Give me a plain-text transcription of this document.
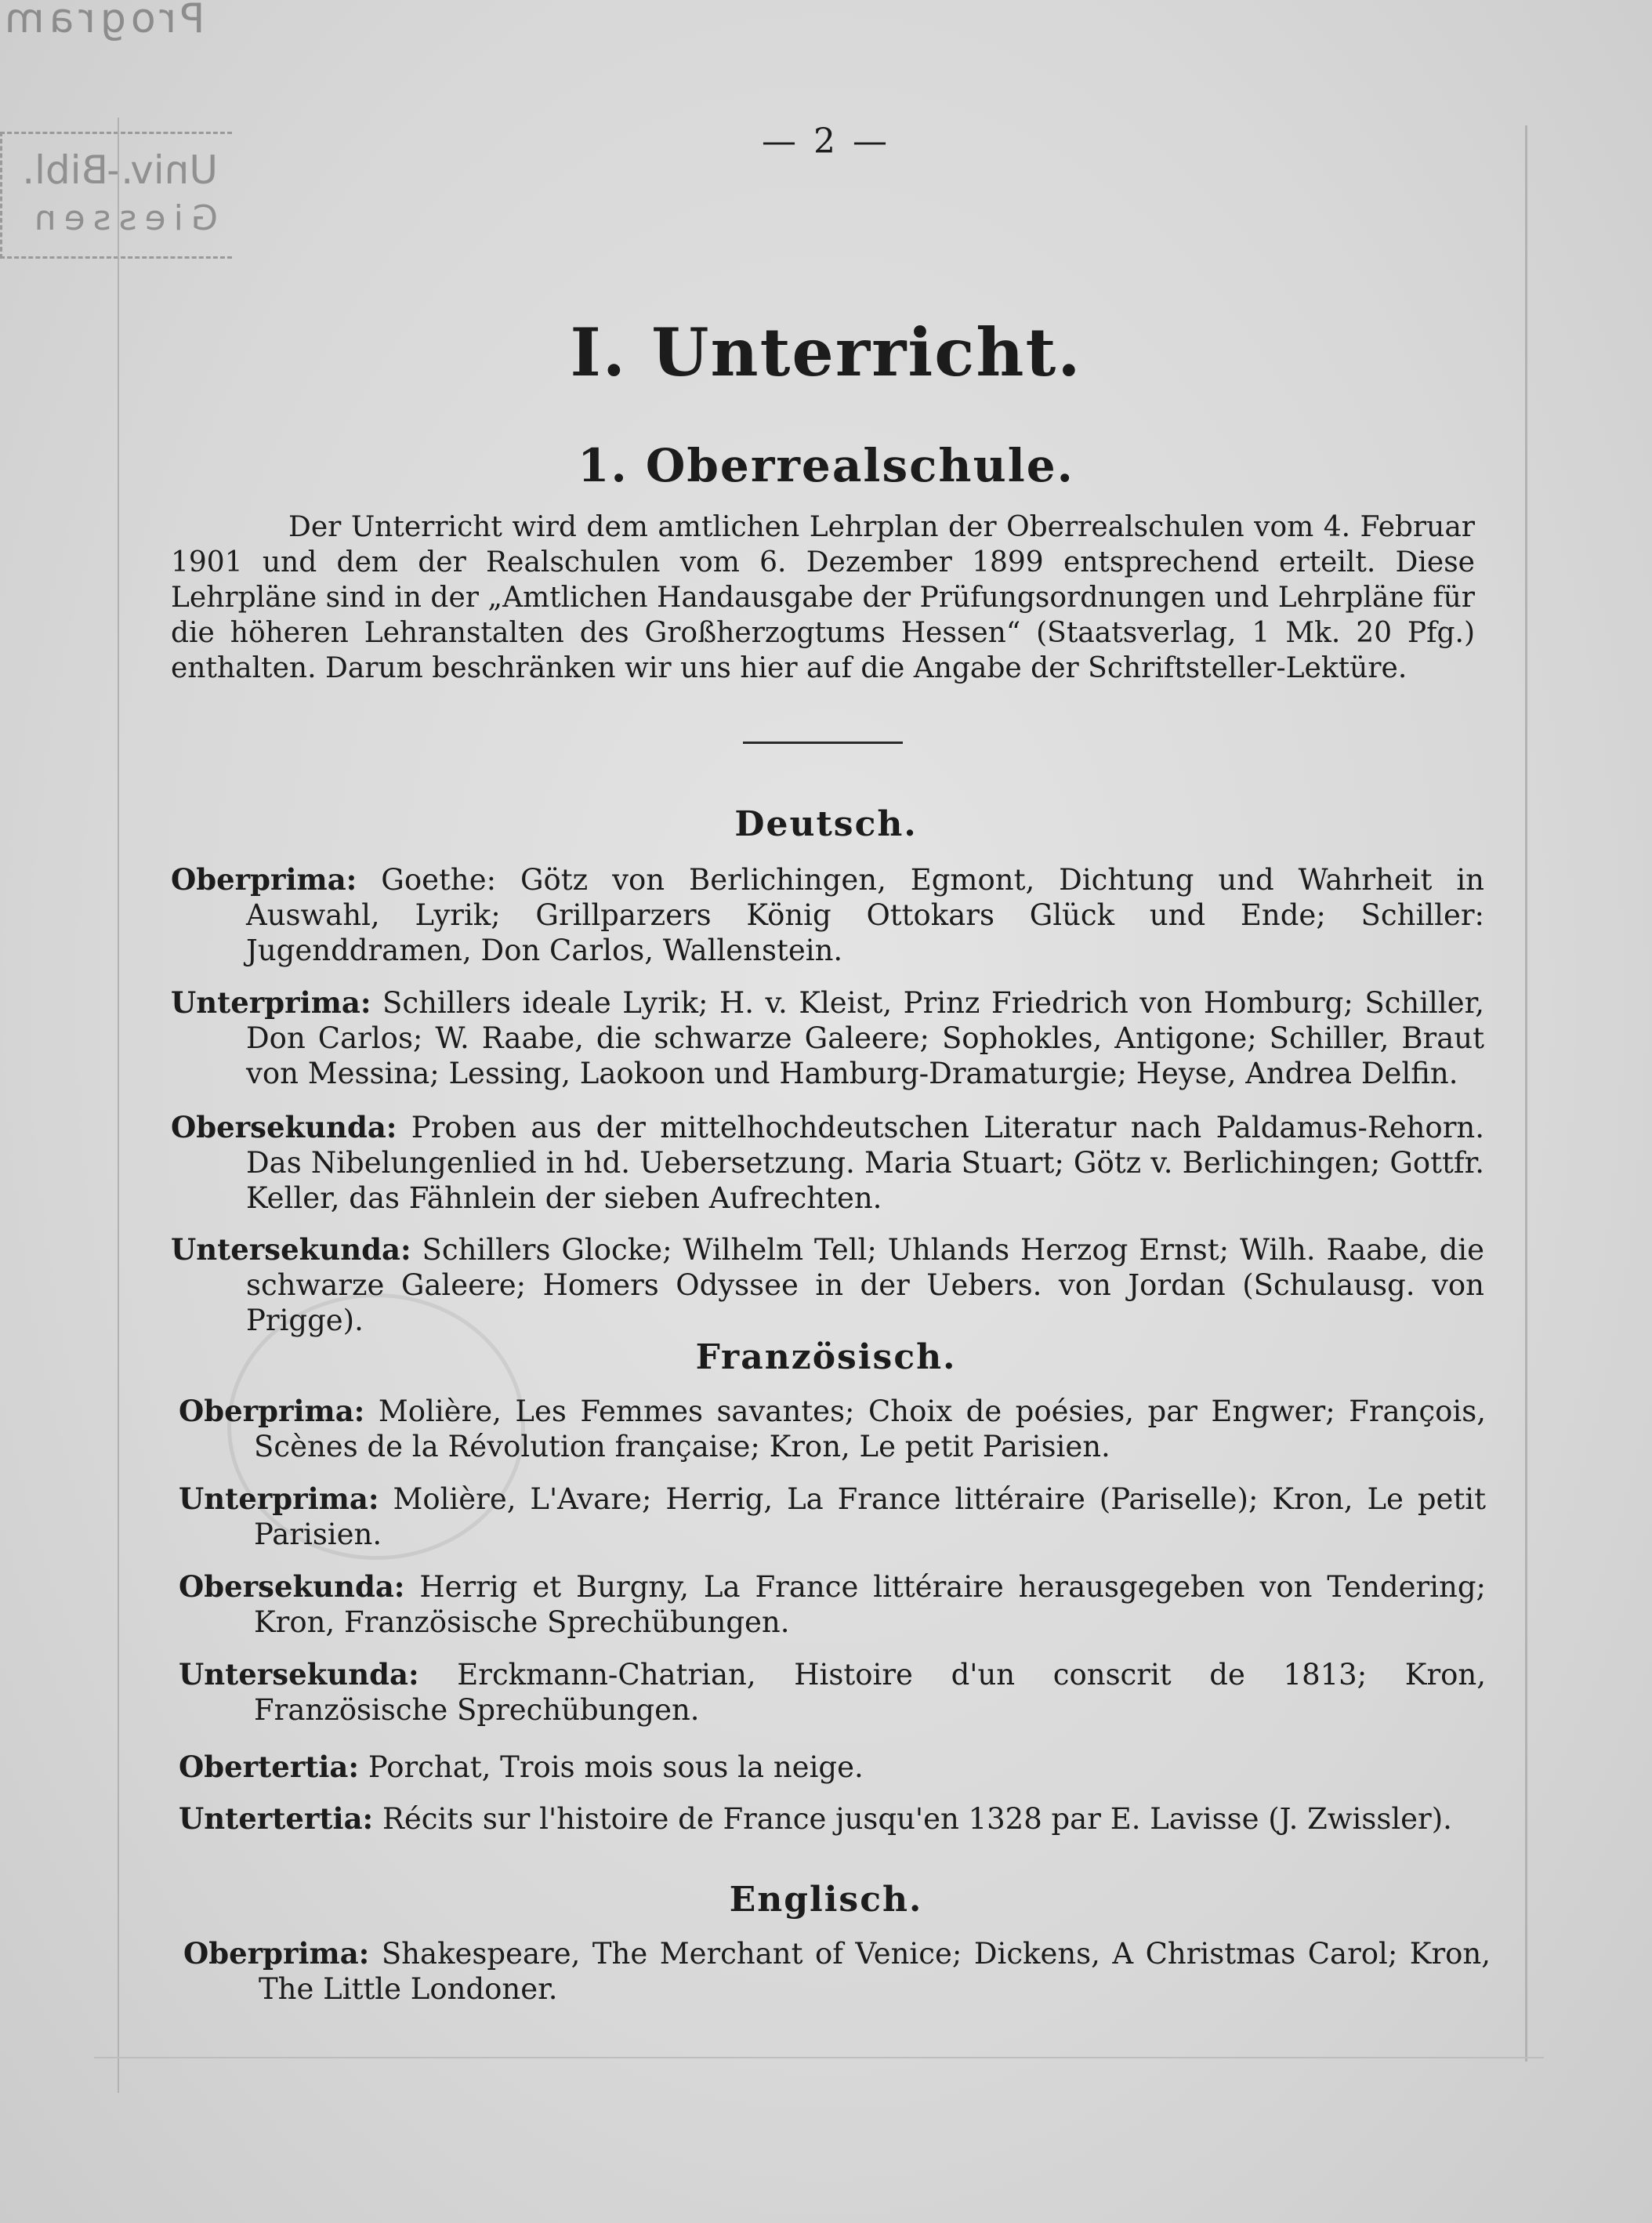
Program
Univ.-Bibl.
Giessen
— 2 —
I. Unterricht.
1. Oberrealschule.
Der Unterricht wird dem amtlichen Lehrplan der Oberrealschulen vom 4. Februar 1901 und dem der Realschulen vom 6. Dezember 1899 entsprechend erteilt. Diese Lehrpläne sind in der „Amtlichen Handausgabe der Prüfungsordnungen und Lehrpläne für die höheren Lehranstalten des Großherzogtums Hessen“ (Staatsverlag, 1 Mk. 20 Pfg.) enthalten. Darum beschränken wir uns hier auf die Angabe der Schriftsteller-Lektüre.
Deutsch.
Oberprima: Goethe: Götz von Berlichingen, Egmont, Dichtung und Wahrheit in Auswahl, Lyrik; Grillparzers König Ottokars Glück und Ende; Schiller: Jugenddramen, Don Carlos, Wallenstein.
Unterprima: Schillers ideale Lyrik; H. v. Kleist, Prinz Friedrich von Homburg; Schiller, Don Carlos; W. Raabe, die schwarze Galeere; Sophokles, Antigone; Schiller, Braut von Messina; Lessing, Laokoon und Hamburg-Dramaturgie; Heyse, Andrea Delfin.
Obersekunda: Proben aus der mittelhochdeutschen Literatur nach Paldamus-Rehorn. Das Nibelungenlied in hd. Uebersetzung. Maria Stuart; Götz v. Berlichingen; Gottfr. Keller, das Fähnlein der sieben Aufrechten.
Untersekunda: Schillers Glocke; Wilhelm Tell; Uhlands Herzog Ernst; Wilh. Raabe, die schwarze Galeere; Homers Odyssee in der Uebers. von Jordan (Schulausg. von Prigge).
Französisch.
Oberprima: Molière, Les Femmes savantes; Choix de poésies, par Engwer; François, Scènes de la Révolution française; Kron, Le petit Parisien.
Unterprima: Molière, L'Avare; Herrig, La France littéraire (Pariselle); Kron, Le petit Parisien.
Obersekunda: Herrig et Burgny, La France littéraire herausgegeben von Tendering; Kron, Französische Sprechübungen.
Untersekunda: Erckmann-Chatrian, Histoire d'un conscrit de 1813; Kron, Französische Sprechübungen.
Obertertia: Porchat, Trois mois sous la neige.
Untertertia: Récits sur l'histoire de France jusqu'en 1328 par E. Lavisse (J. Zwissler).
Englisch.
Oberprima: Shakespeare, The Merchant of Venice; Dickens, A Christmas Carol; Kron, The Little Londoner.
